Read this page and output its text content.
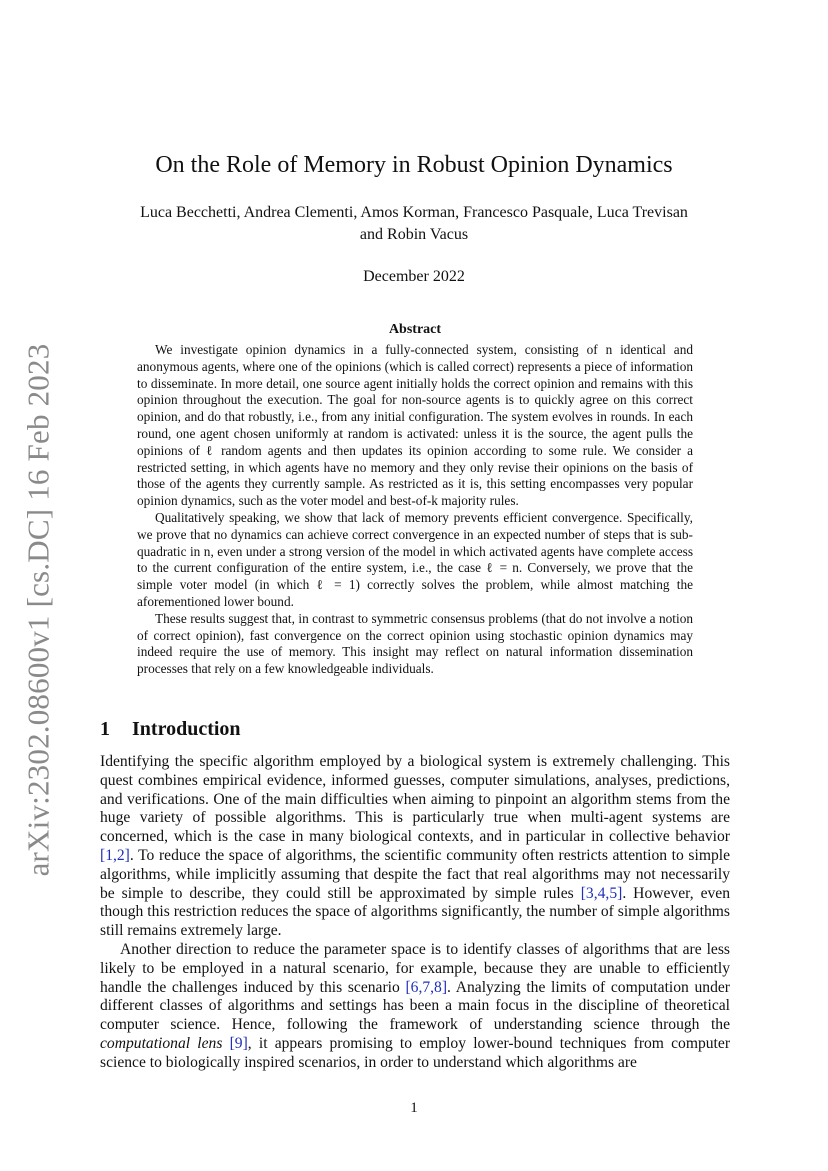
arXiv:2302.08600v1 [cs.DC] 16 Feb 2023
On the Role of Memory in Robust Opinion Dynamics
Luca Becchetti, Andrea Clementi, Amos Korman, Francesco Pasquale, Luca Trevisan
and Robin Vacus
December 2022
Abstract

We investigate opinion dynamics in a fully-connected system, consisting of n identical and anonymous agents, where one of the opinions (which is called correct) represents a piece of information to disseminate. In more detail, one source agent initially holds the correct opinion and remains with this opinion throughout the execution. The goal for non-source agents is to quickly agree on this correct opinion, and do that robustly, i.e., from any initial configuration. The system evolves in rounds. In each round, one agent chosen uniformly at random is activated: unless it is the source, the agent pulls the opinions of ℓ random agents and then updates its opinion according to some rule. We consider a restricted setting, in which agents have no memory and they only revise their opinions on the basis of those of the agents they currently sample. As restricted as it is, this setting encompasses very popular opinion dynamics, such as the voter model and best-of-k majority rules.

Qualitatively speaking, we show that lack of memory prevents efficient convergence. Specifically, we prove that no dynamics can achieve correct convergence in an expected number of steps that is sub-quadratic in n, even under a strong version of the model in which activated agents have complete access to the current configuration of the entire system, i.e., the case ℓ = n. Conversely, we prove that the simple voter model (in which ℓ = 1) correctly solves the problem, while almost matching the aforementioned lower bound.

These results suggest that, in contrast to symmetric consensus problems (that do not involve a notion of correct opinion), fast convergence on the correct opinion using stochastic opinion dynamics may indeed require the use of memory. This insight may reflect on natural information dissemination processes that rely on a few knowledgeable individuals.

1 Introduction

Identifying the specific algorithm employed by a biological system is extremely challenging. This quest combines empirical evidence, informed guesses, computer simulations, analyses, predictions, and verifications. One of the main difficulties when aiming to pinpoint an algorithm stems from the huge variety of possible algorithms. This is particularly true when multi-agent systems are concerned, which is the case in many biological contexts, and in particular in collective behavior [1,2]. To reduce the space of algorithms, the scientific community often restricts attention to simple algorithms, while implicitly assuming that despite the fact that real algorithms may not necessarily be simple to describe, they could still be approximated by simple rules [3,4,5]. However, even though this restriction reduces the space of algorithms significantly, the number of simple algorithms still remains extremely large.

Another direction to reduce the parameter space is to identify classes of algorithms that are less likely to be employed in a natural scenario, for example, because they are unable to efficiently handle the challenges induced by this scenario [6,7,8]. Analyzing the limits of computation under different classes of algorithms and settings has been a main focus in the discipline of theoretical computer science. Hence, following the framework of understanding science through the computational lens [9], it appears promising to employ lower-bound techniques from computer science to biologically inspired scenarios, in order to understand which algorithms are

1
